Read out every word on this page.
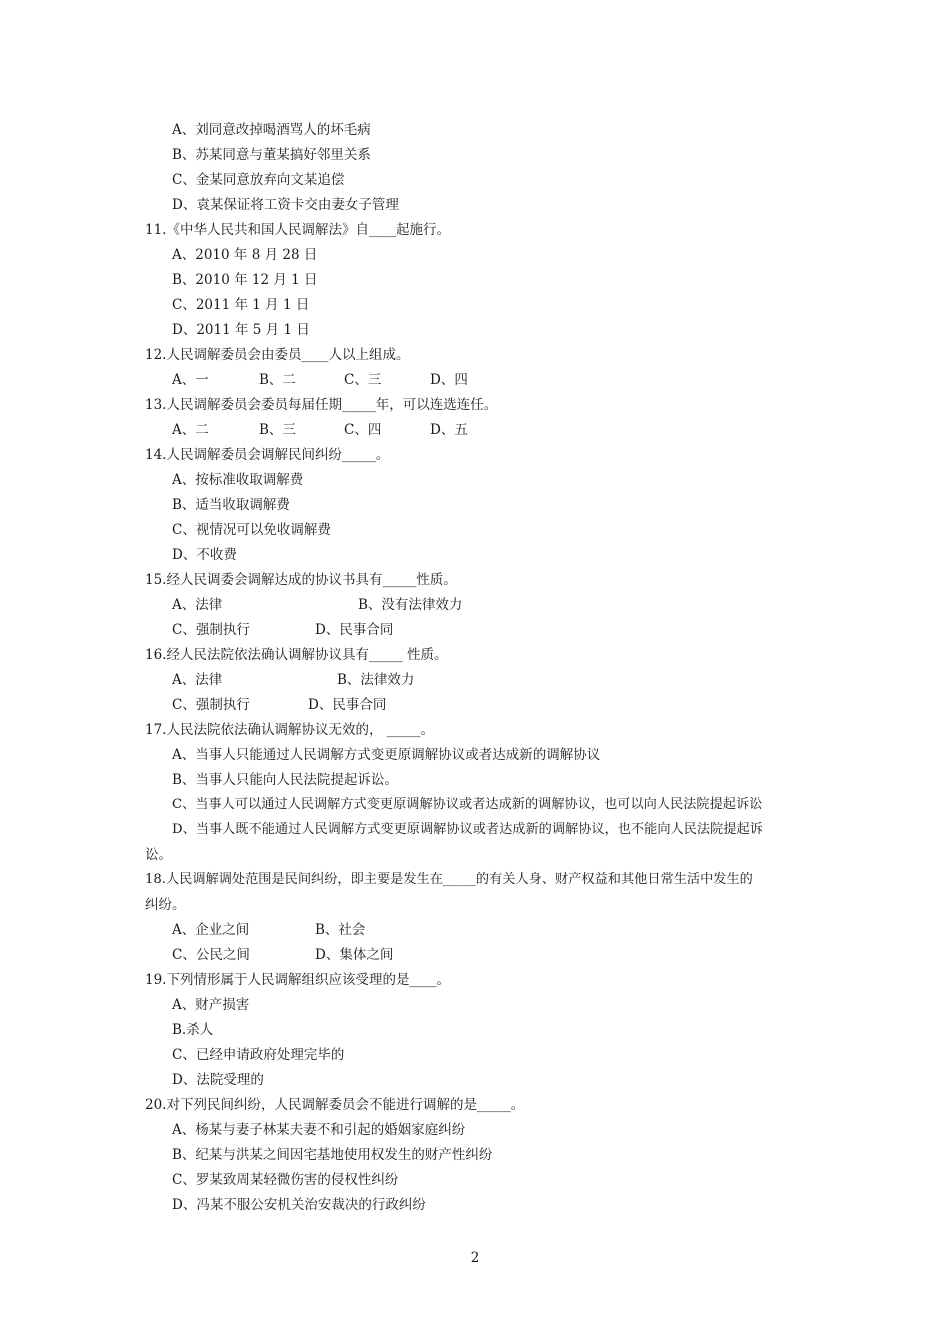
A、刘同意改掉喝酒骂人的坏毛病
B、苏某同意与董某搞好邻里关系
C、金某同意放弃向文某追偿
D、袁某保证将工资卡交由妻女子管理
11.《中华人民共和国人民调解法》自____起施行。
A、2010 年 8 月 28 日
B、2010 年 12 月 1 日
C、2011 年 1 月 1 日
D、2011 年 5 月 1 日
12.人民调解委员会由委员____人以上组成。
A、一	B、二	C、三	D、四
13.人民调解委员会委员每届任期_____年，可以连选连任。
A、二	B、三	C、四	D、五
14.人民调解委员会调解民间纠纷_____。
A、按标准收取调解费
B、适当收取调解费
C、视情况可以免收调解费
D、不收费
15.经人民调委会调解达成的协议书具有_____性质。
A、法律	B、没有法律效力
C、强制执行	D、民事合同
16.经人民法院依法确认调解协议具有_____ 性质。
A、法律	B、法律效力
C、强制执行	D、民事合同
17.人民法院依法确认调解协议无效的， _____。
A、当事人只能通过人民调解方式变更原调解协议或者达成新的调解协议
B、当事人只能向人民法院提起诉讼。
C、当事人可以通过人民调解方式变更原调解协议或者达成新的调解协议，也可以向人民法院提起诉讼
D、当事人既不能通过人民调解方式变更原调解协议或者达成新的调解协议，也不能向人民法院提起诉
讼。
18.人民调解调处范围是民间纠纷，即主要是发生在_____的有关人身、财产权益和其他日常生活中发生的
纠纷。
A、企业之间	B、社会
C、公民之间	D、集体之间
19.下列情形属于人民调解组织应该受理的是____。
A、财产损害
B.杀人
C、已经申请政府处理完毕的
D、法院受理的
20.对下列民间纠纷，人民调解委员会不能进行调解的是_____。
A、杨某与妻子林某夫妻不和引起的婚姻家庭纠纷
B、纪某与洪某之间因宅基地使用权发生的财产性纠纷
C、罗某致周某轻微伤害的侵权性纠纷
D、冯某不服公安机关治安裁决的行政纠纷
2
